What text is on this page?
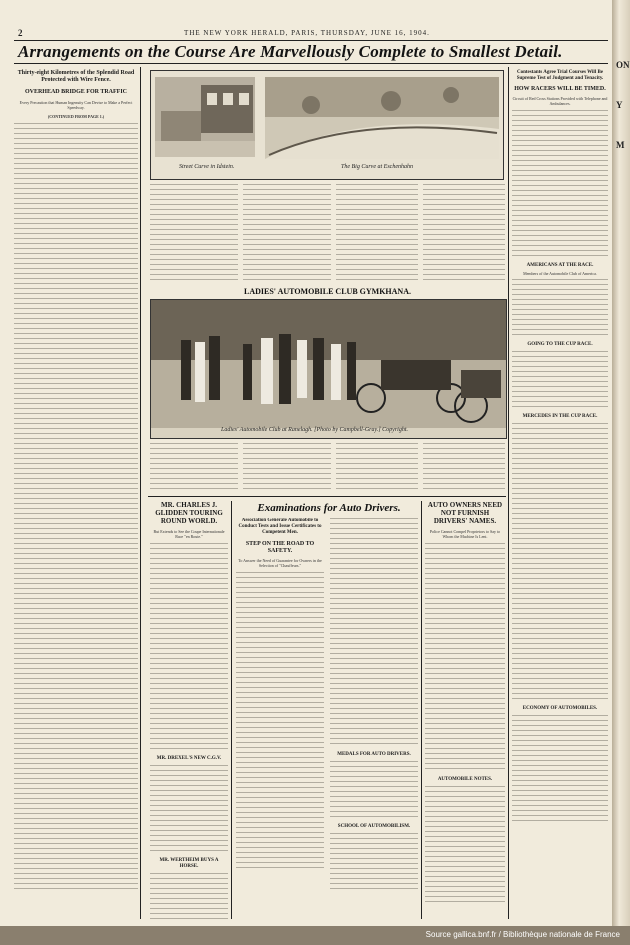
2	THE NEW YORK HERALD, PARIS, THURSDAY, JUNE 16, 1904.
Arrangements on the Course Are Marvellously Complete to Smallest Detail.
Thirty-eight Kilometres of the Splendid Road Protected with Wire Fence.
OVERHEAD BRIDGE FOR TRAFFIC
Every Precaution that Human Ingenuity Can Devise to Make a Perfect Speedway.
(CONTINUED FROM PAGE 1.)
Street Curve in Idstein.	The Big Curve at Eschenhahn
LADIES' AUTOMOBILE CLUB GYMKHANA.
Ladies' Automobile Club at Ranelagh. [Photo by Campbell-Gray.] Copyright.
MR. CHARLES J. GLIDDEN TOURING ROUND WORLD.
But Extends to See the Coupe Internationale Race "en Route."
MR. DREXEL'S NEW C.G.V.
MR. WERTHEIM BUYS A HORSE.
Examinations for Auto Drivers.
Association Générale Automobile to Conduct Tests and Issue Certificates to Competent Men.
STEP ON THE ROAD TO SAFETY.
To Answer the Need of Guarantee for Owners in the Selection of "Chauffeurs."
MEDALS FOR AUTO DRIVERS.
SCHOOL OF AUTOMOBILISM.
AUTO OWNERS NEED NOT FURNISH DRIVERS' NAMES.
Police Cannot Compel Proprietors to Say to Whom the Machine Is Lent.
AUTOMOBILE NOTES.
Contestants Agree Trial Courses Will Be Supreme Test of Judgment and Tenacity.
HOW RACERS WILL BE TIMED.
Circuit of Red Cross Stations Provided with Telephone and Ambulances.
AMERICANS AT THE RACE.
Members of the Automobile Club of America.
GOING TO THE CUP RACE.
MERCEDES IN THE CUP RACE.
ECONOMY OF AUTOMOBILES.
ON
Y
M
Source gallica.bnf.fr / Bibliothèque nationale de France
